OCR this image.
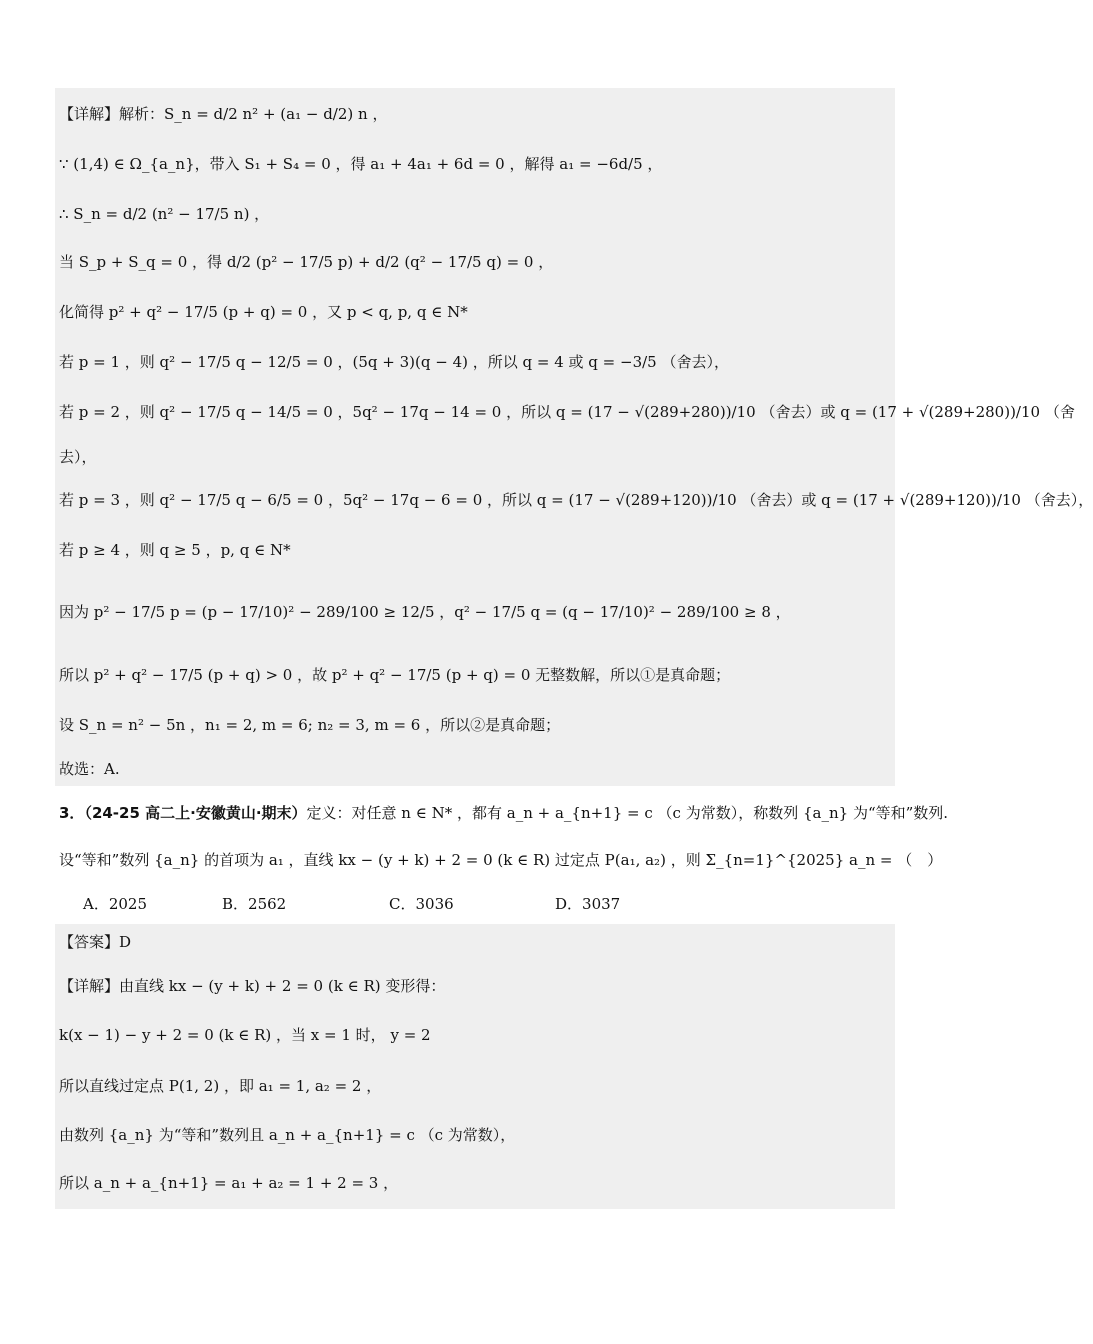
【详解】解析：S_n = d/2 n² + (a₁ − d/2) n ，
∵ (1,4) ∈ Ω_{a_n}，带入 S₁ + S₄ = 0 ，得 a₁ + 4a₁ + 6d = 0 ，解得 a₁ = −6d/5 ，
∴ S_n = d/2 (n² − 17/5 n) ，
当 S_p + S_q = 0 ，得 d/2 (p² − 17/5 p) + d/2 (q² − 17/5 q) = 0 ，
化简得 p² + q² − 17/5 (p + q) = 0 ，又 p < q, p, q ∈ N*
若 p = 1 ，则 q² − 17/5 q − 12/5 = 0 ，(5q + 3)(q − 4) ，所以 q = 4 或 q = −3/5 （舍去），
若 p = 2 ，则 q² − 17/5 q − 14/5 = 0 ，5q² − 17q − 14 = 0 ，所以 q = (17 − √(289+280))/10 （舍去）或 q = (17 + √(289+280))/10 （舍
去），
若 p = 3 ，则 q² − 17/5 q − 6/5 = 0 ，5q² − 17q − 6 = 0 ，所以 q = (17 − √(289+120))/10 （舍去）或 q = (17 + √(289+120))/10 （舍去），
若 p ≥ 4 ，则 q ≥ 5 ，p, q ∈ N*
因为 p² − 17/5 p = (p − 17/10)² − 289/100 ≥ 12/5 ，q² − 17/5 q = (q − 17/10)² − 289/100 ≥ 8 ，
所以 p² + q² − 17/5 (p + q) > 0 ，故 p² + q² − 17/5 (p + q) = 0 无整数解，所以①是真命题；
设 S_n = n² − 5n ，n₁ = 2, m = 6; n₂ = 3, m = 6 ，所以②是真命题；
故选：A.
3．（24-25 高二上·安徽黄山·期末）定义：对任意 n ∈ N* ，都有 a_n + a_{n+1} = c （c 为常数），称数列 {a_n} 为“等和”数列.
设“等和”数列 {a_n} 的首项为 a₁ ，直线 kx − (y + k) + 2 = 0 (k ∈ R) 过定点 P(a₁, a₂) ，则 Σ_{n=1}^{2025} a_n = （　）
A．2025	B．2562	C．3036	D．3037
【答案】D
【详解】由直线 kx − (y + k) + 2 = 0 (k ∈ R) 变形得：
k(x − 1) − y + 2 = 0 (k ∈ R) ，当 x = 1 时， y = 2
所以直线过定点 P(1, 2) ，即 a₁ = 1, a₂ = 2 ，
由数列 {a_n} 为“等和”数列且 a_n + a_{n+1} = c （c 为常数），
所以 a_n + a_{n+1} = a₁ + a₂ = 1 + 2 = 3 ，
